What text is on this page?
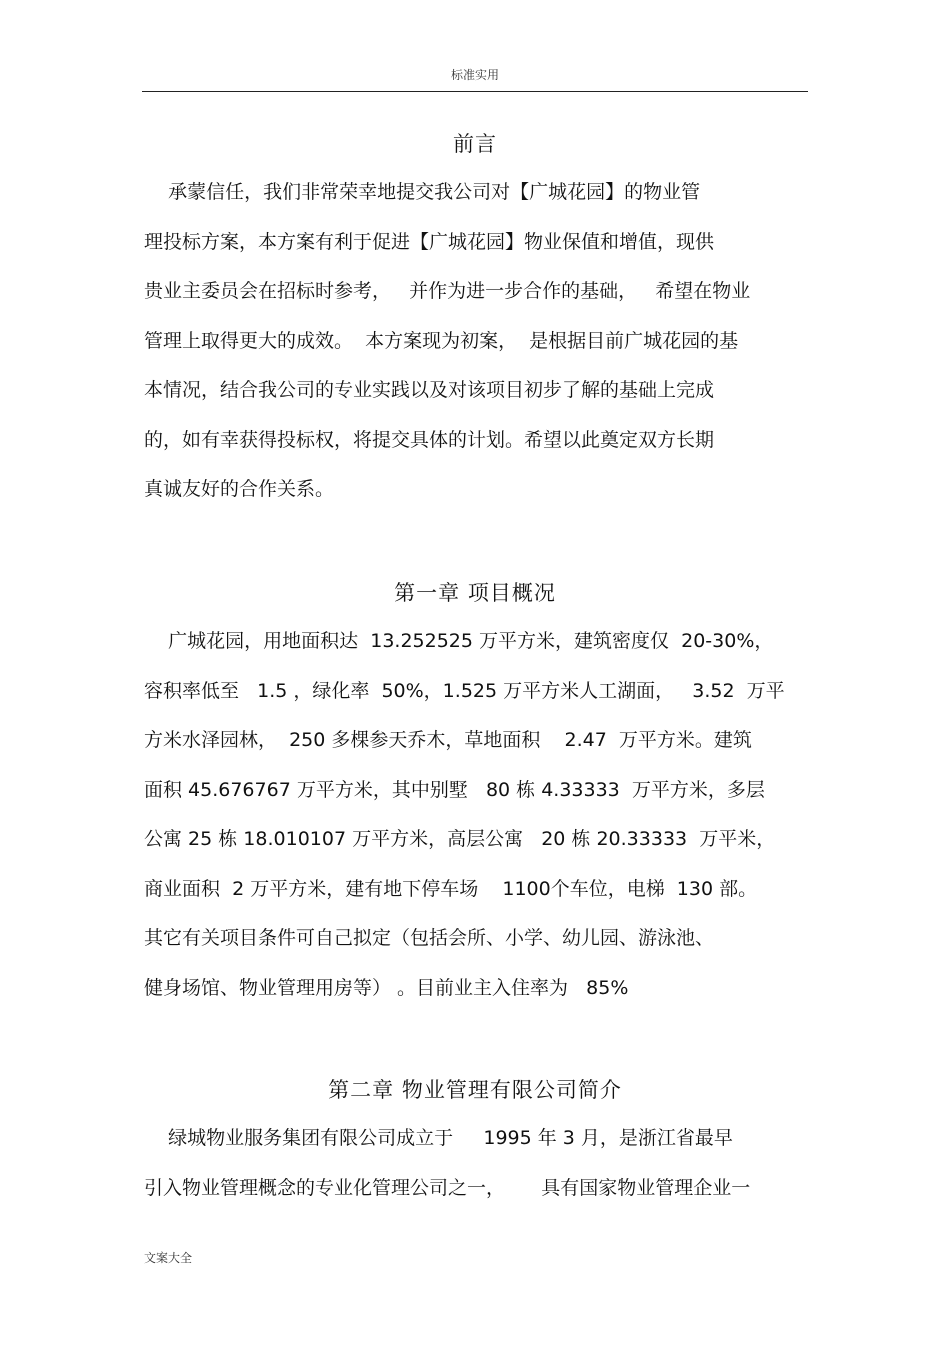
标准实用
前言
承蒙信任，我们非常荣幸地提交我公司对【广城花园】的物业管
理投标方案，本方案有利于促进【广城花园】物业保值和增值，现供
贵业主委员会在招标时参考，   并作为进一步合作的基础，   希望在物业
管理上取得更大的成效。  本方案现为初案，  是根据目前广城花园的基
本情况，结合我公司的专业实践以及对该项目初步了解的基础上完成
的，如有幸获得投标权，将提交具体的计划。希望以此奠定双方长期
真诚友好的合作关系。
第一章 项目概况
广城花园，用地面积达  13.252525 万平方米，建筑密度仅  20-30%，
容积率低至   1.5 ，绿化率  50%，1.525 万平方米人工湖面，   3.52  万平
方米水泽园林，  250 多棵参天乔木，草地面积    2.47  万平方米。建筑
面积 45.676767 万平方米，其中别墅   80 栋 4.33333  万平方米，多层
公寓 25 栋 18.010107 万平方米，高层公寓   20 栋 20.33333  万平米，
商业面积  2 万平方米，建有地下停车场    1100个车位，电梯  130 部。
其它有关项目条件可自己拟定（包括会所、小学、幼儿园、游泳池、
健身场馆、物业管理用房等） 。目前业主入住率为   85%
第二章 物业管理有限公司简介
绿城物业服务集团有限公司成立于     1995 年 3 月，是浙江省最早
引入物业管理概念的专业化管理公司之一，      具有国家物业管理企业一
文案大全
